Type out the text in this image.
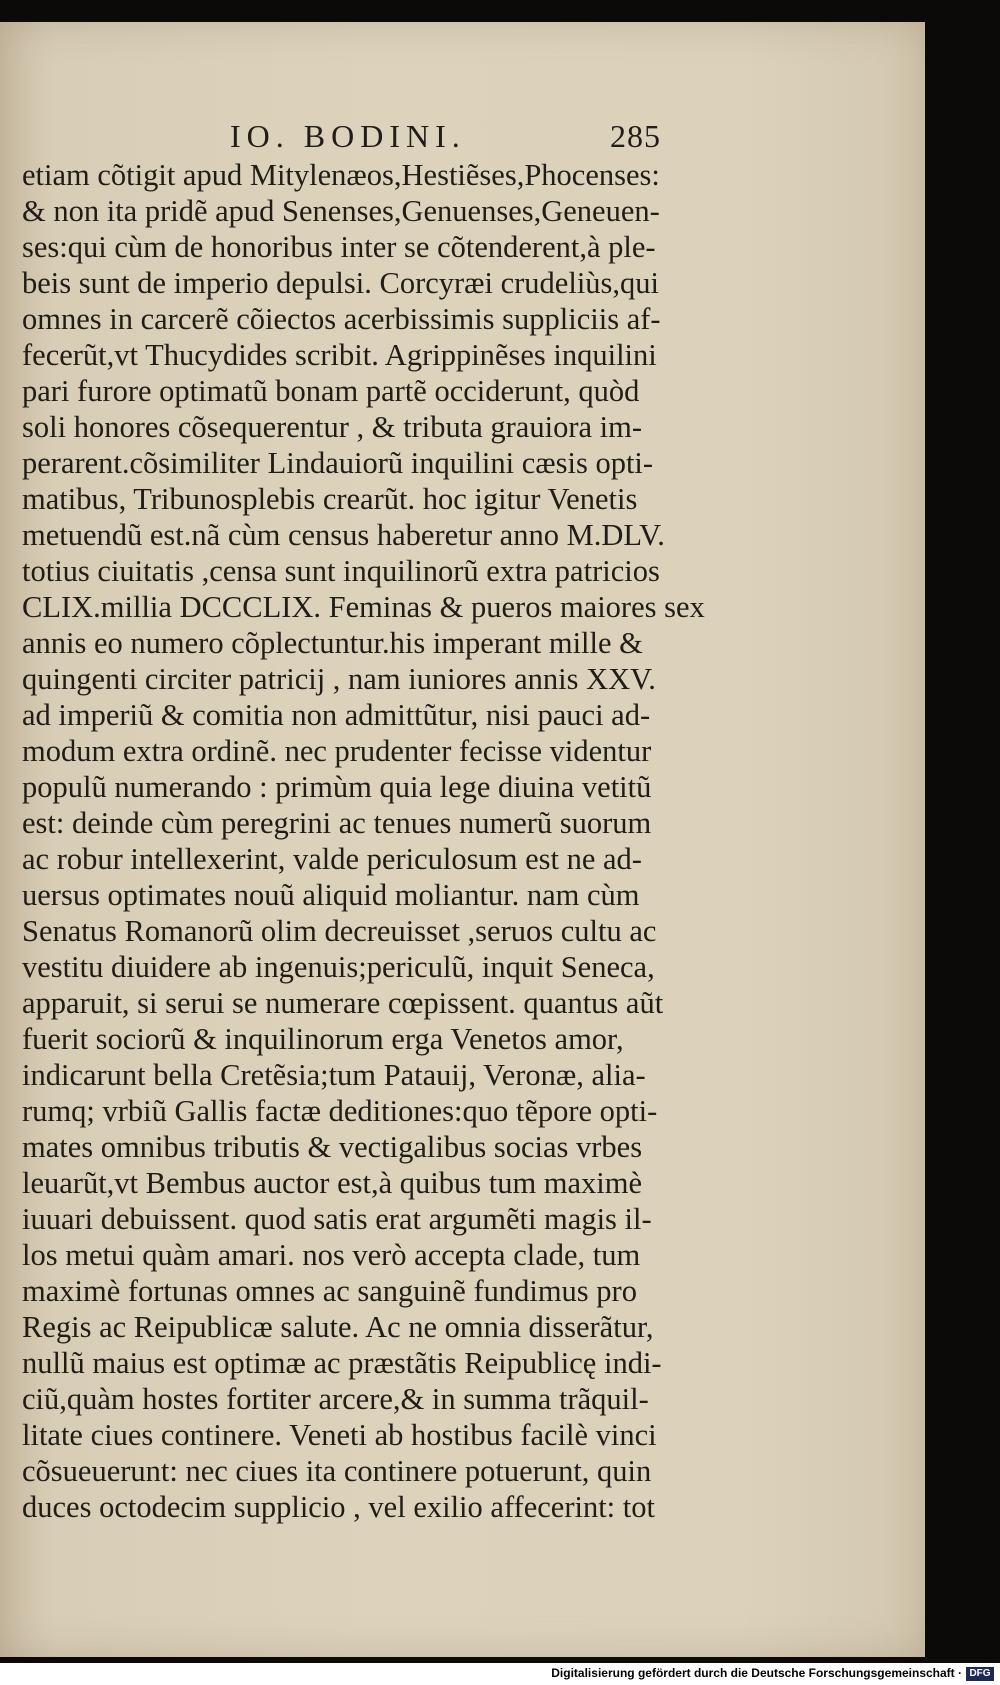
IO. BODINI.	285
etiam cõtigit apud Mitylenæos,Hestiẽses,Phocenses:
& non ita pridẽ apud Senenses,Genuenses,Geneuen-
ses:qui cùm de honoribus inter se cõtenderent,à ple-
beis sunt de imperio depulsi. Corcyræi crudeliùs,qui
omnes in carcerẽ cõiectos acerbissimis suppliciis af-
fecerũt,vt Thucydides scribit. Agrippinẽses inquilini
pari furore optimatũ bonam partẽ occiderunt, quòd
soli honores cõsequerentur , & tributa grauiora im-
perarent.cõsimiliter Lindauiorũ inquilini cæsis opti-
matibus, Tribunosplebis crearũt. hoc igitur Venetis
metuendũ est.nã cùm census haberetur anno M.DLV.
totius ciuitatis ,censa sunt inquilinorũ extra patricios
CLIX.millia DCCCLIX. Feminas & pueros maiores sex
annis eo numero cõplectuntur.his imperant mille &
quingenti circiter patricij , nam iuniores annis XXV.
ad imperiũ & comitia non admittũtur, nisi pauci ad-
modum extra ordinẽ. nec prudenter fecisse videntur
populũ numerando : primùm quia lege diuina vetitũ
est: deinde cùm peregrini ac tenues numerũ suorum
ac robur intellexerint, valde periculosum est ne ad-
uersus optimates nouũ aliquid moliantur. nam cùm
Senatus Romanorũ olim decreuisset ,seruos cultu ac
vestitu diuidere ab ingenuis;periculũ, inquit Seneca,
apparuit, si serui se numerare cœpissent. quantus aũt
fuerit sociorũ & inquilinorum erga Venetos amor,
indicarunt bella Cretẽsia;tum Patauij, Veronæ, alia-
rumq; vrbiũ Gallis factæ deditiones:quo tẽpore opti-
mates omnibus tributis & vectigalibus socias vrbes
leuarũt,vt Bembus auctor est,à quibus tum maximè
iuuari debuissent. quod satis erat argumẽti magis il-
los metui quàm amari. nos verò accepta clade, tum
maximè fortunas omnes ac sanguinẽ fundimus pro
Regis ac Reipublicæ salute. Ac ne omnia disserãtur,
nullũ maius est optimæ ac præstãtis Reipublicę indi-
ciũ,quàm hostes fortiter arcere,& in summa trãquil-
litate ciues continere. Veneti ab hostibus facilè vinci
cõsueuerunt: nec ciues ita continere potuerunt, quin
duces octodecim supplicio , vel exilio affecerint: tot
Digitalisierung gefördert durch die Deutsche Forschungsgemeinschaft · DFG
